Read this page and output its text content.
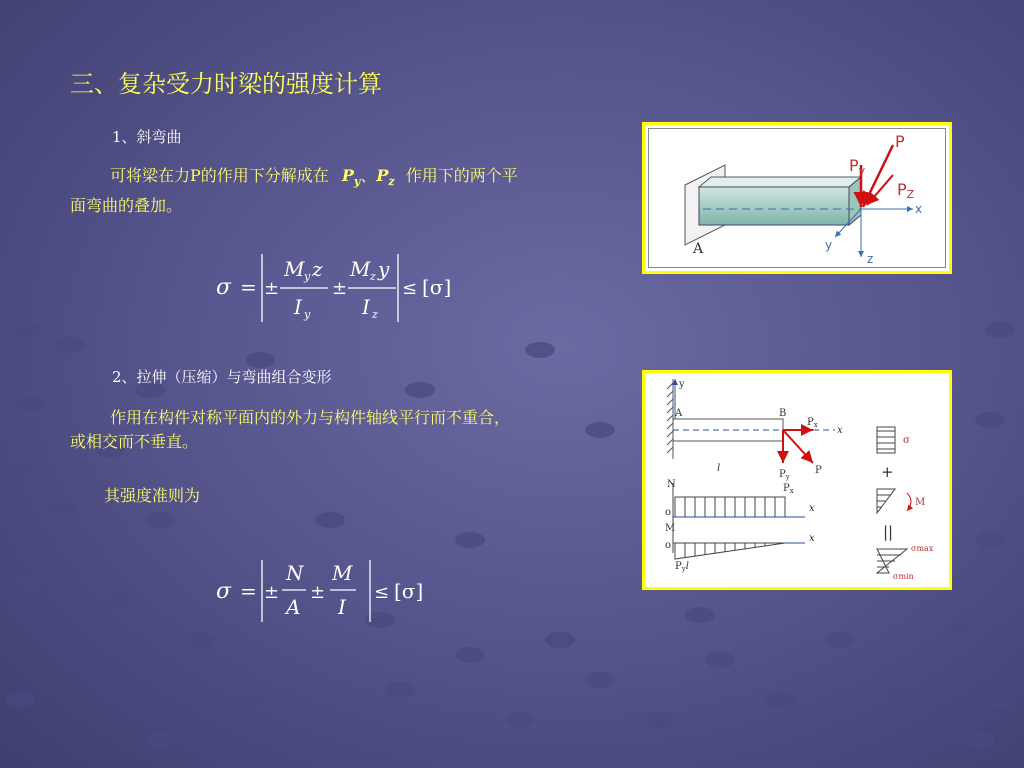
三、复杂受力时梁的强度计算
1、斜弯曲
可将梁在力P的作用下分解成在 $P_y$、$P_z$ 作用下的两个平
面弯曲的叠加。
σ = ±
M y z
I y
±
M z y
I z
≤ [σ]
2、拉伸（压缩）与弯曲组合变形
作用在构件对称平面内的外力与构件轴线平行而不重合，
或相交而不垂直。
其强度准则为
σ = ±
N
A
±
M
I
≤ [σ]
P
Py
PZ
x
y
z
A
y
A	B
$P_x$ x
l
$P_y$
P
N	$P_x$
o	x
M
o
x
$P_yl$
σ
M
σmax
σmin
+
||
